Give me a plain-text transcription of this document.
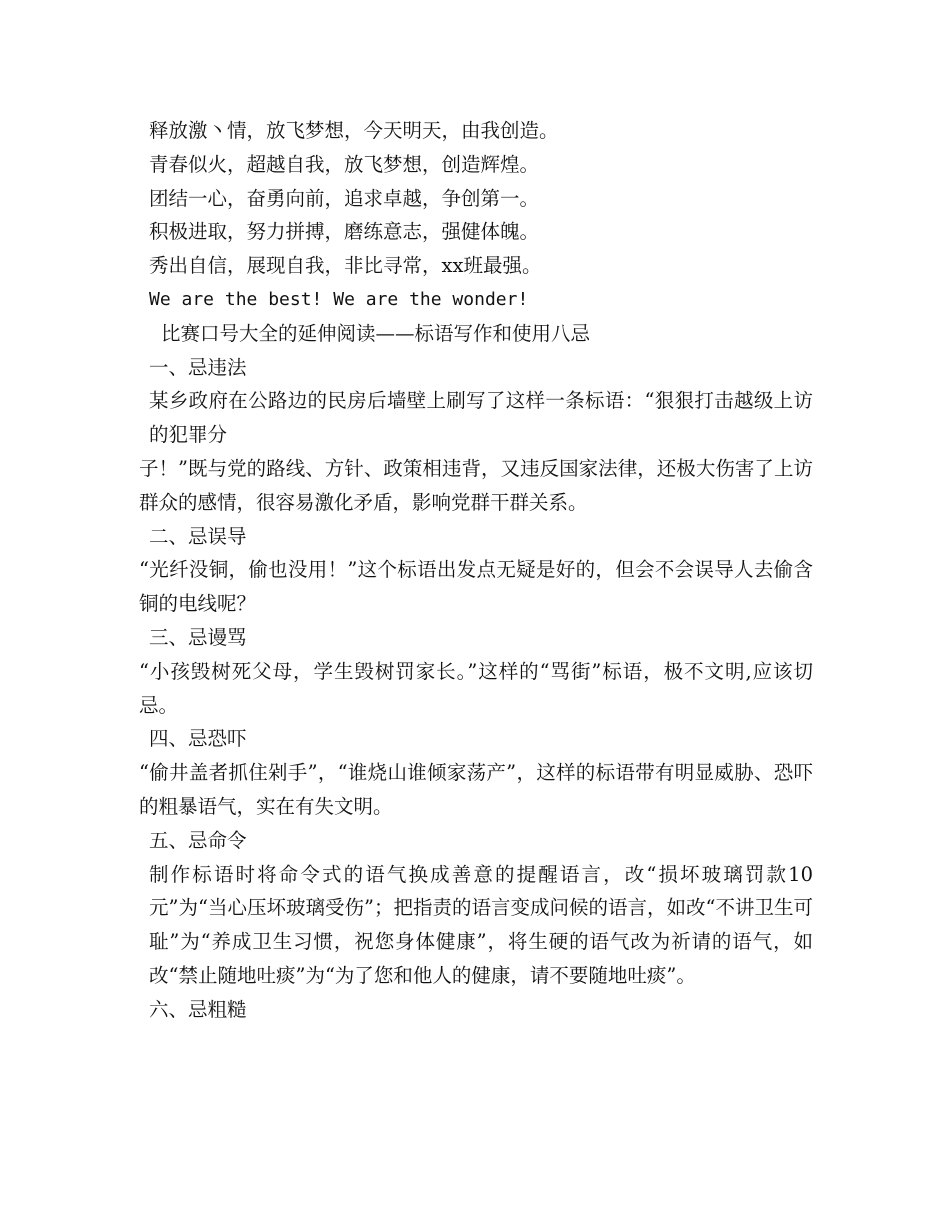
释放激丶情，放飞梦想，今天明天，由我创造。
青春似火，超越自我，放飞梦想，创造辉煌。
团结一心，奋勇向前，追求卓越，争创第一。
积极进取，努力拼搏，磨练意志，强健体魄。
秀出自信，展现自我，非比寻常，xx班最强。
We are the best! We are the wonder!
比赛口号大全的延伸阅读——标语写作和使用八忌
一、忌违法
某乡政府在公路边的民房后墙壁上刷写了这样一条标语：“狠狠打击越级上访的犯罪分
子！”既与党的路线、方针、政策相违背，又违反国家法律，还极大伤害了上访群众的感情，很容易激化矛盾，影响党群干群关系。
二、忌误导
“光纤没铜，偷也没用！”这个标语出发点无疑是好的，但会不会误导人去偷含铜的电线呢？
三、忌谩骂
“小孩毁树死父母，学生毁树罚家长。”这样的“骂街”标语，极不文明,应该切忌。
四、忌恐吓
“偷井盖者抓住剁手”，“谁烧山谁倾家荡产”，这样的标语带有明显威胁、恐吓的粗暴语气，实在有失文明。
五、忌命令
制作标语时将命令式的语气换成善意的提醒语言，改“损坏玻璃罚款10元”为“当心压坏玻璃受伤”；把指责的语言变成问候的语言，如改“不讲卫生可耻”为“养成卫生习惯，祝您身体健康”，将生硬的语气改为祈请的语气，如改“禁止随地吐痰”为“为了您和他人的健康，请不要随地吐痰”。
六、忌粗糙
